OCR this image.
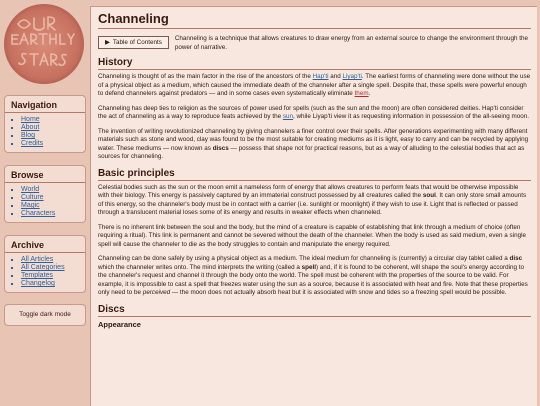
Navigation
▪ Home
▪ About
▪ Blog
▪ Credits
Browse
▪ World
▪ Culture
▪ Magic
▪ Characters
Archive
▪ All Articles
▪ All Categories
▪ Templates
▪ Changelog
Toggle dark mode
Channeling
▶ Table of Contents

Channeling is a technique that allows creatures to draw energy from an external source to change the environment through the power of narrative.

History

Channeling is thought of as the main factor in the rise of the ancestors of the Hap'ti and Liyap'ti. The earliest forms of channeling were done without the use of a physical object as a medium, which caused the immediate death of the channeler after a single spell. Despite that, these spells were powerful enough to defend channelers against predators — and in some cases even systematically eliminate them.

Channeling has deep ties to religion as the sources of power used for spells (such as the sun and the moon) are often considered deities. Hap'ti consider the act of channeling as a way to reproduce feats achieved by the sun, while Liyap'ti view it as requesting information in possession of the all-seeing moon.

The invention of writing revolutionized channeling by giving channelers a finer control over their spells. After generations experimenting with many different materials such as stone and wood, clay was found to be the most suitable for creating mediums as it is light, easy to carry and can be recycled by applying water. These mediums — now known as discs — possess that shape not for practical reasons, but as a way of alluding to the celestial bodies that act as sources for channeling.

Basic principles

Celestial bodies such as the sun or the moon emit a nameless form of energy that allows creatures to perform feats that would be otherwise impossible with their biology. This energy is passively captured by an immaterial construct possessed by all creatures called the soul. It can only store small amounts of this energy, so the channeler's body must be in contact with a carrier (i.e. sunlight or moonlight) if they wish to use it. Light that is reflected or passed through a translucent material loses some of its energy and results in weaker effects when channeled.

There is no inherent link between the soul and the body, but the mind of a creature is capable of establishing that link through a medium of choice (often requiring a ritual). This link is permanent and cannot be severed without the death of the channeler. When the body is used as said medium, even a single spell will cause the channeler to die as the body struggles to contain and manipulate the energy required.

Channeling can be done safely by using a physical object as a medium. The ideal medium for channeling is (currently) a circular clay tablet called a disc which the channeler writes onto. The mind interprets the writing (called a spell) and, if it is found to be coherent, will shape the soul's energy according to the channeler's request and channel it through the body onto the world. The spell must be coherent with the properties of the source to be valid. For example, it is impossible to cast a spell that freezes water using the sun as a source, because it is associated with heat and fire. Note that these properties only need to be perceived — the moon does not actually absorb heat but it is associated with snow and tides so a freezing spell would be possible.

Discs
Appearance
